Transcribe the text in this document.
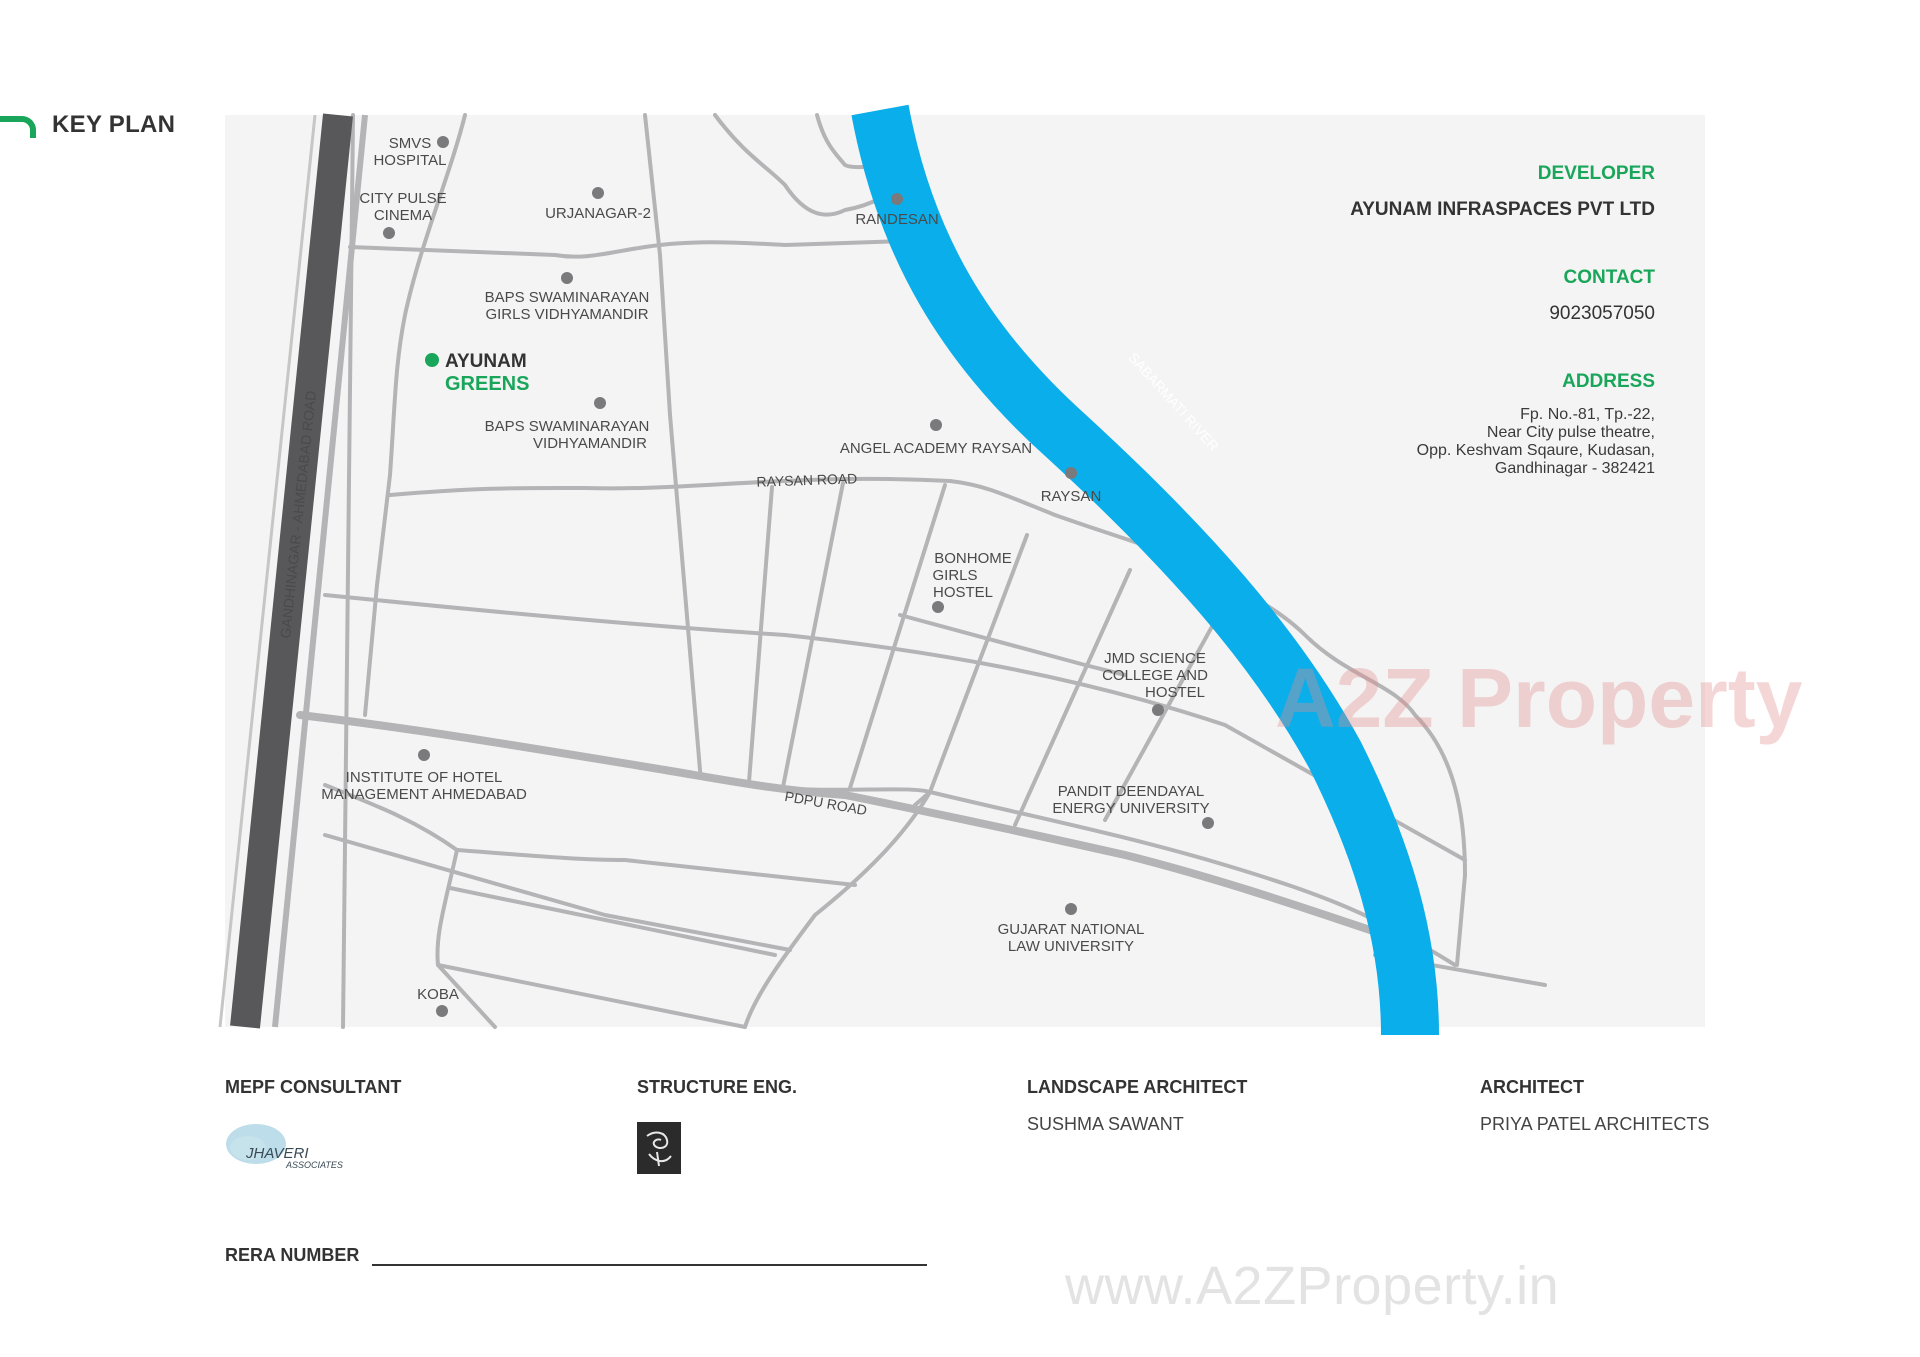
KEY PLAN
SMVS HOSPITAL
CITY PULSE CINEMA	URJANAGAR-2	RANDESAN
BAPS SWAMINARAYAN GIRLS VIDHYAMANDIR
BAPS SWAMINARAYAN VIDHYAMANDIR	ANGEL ACADEMY RAYSAN
RAYSAN
BONHOME GIRLS HOSTEL
JMD SCIENCE COLLEGE AND HOSTEL
INSTITUTE OF HOTEL MANAGEMENT AHMEDABAD	PANDIT DEENDAYAL ENERGY UNIVERSITY
GUJARAT NATIONAL LAW UNIVERSITY
KOBA
AYUNAM GREENS
GANDHINAGAR - AHMEDABAD ROAD	RAYSAN ROAD
PDPU ROAD
SABARMATI RIVER
A2Z Property
DEVELOPER
AYUNAM INFRASPACES PVT LTD
CONTACT
9023057050
ADDRESS
Fp. No.-81, Tp.-22,
Near City pulse theatre,
Opp. Keshvam Sqaure, Kudasan,
Gandhinagar - 382421
MEPF CONSULTANT
JHAVERI
ASSOCIATES
STRUCTURE ENG.	LANDSCAPE ARCHITECT
SUSHMA SAWANT
ARCHITECT
PRIYA PATEL ARCHITECTS
RERA NUMBER
www.A2ZProperty.in
